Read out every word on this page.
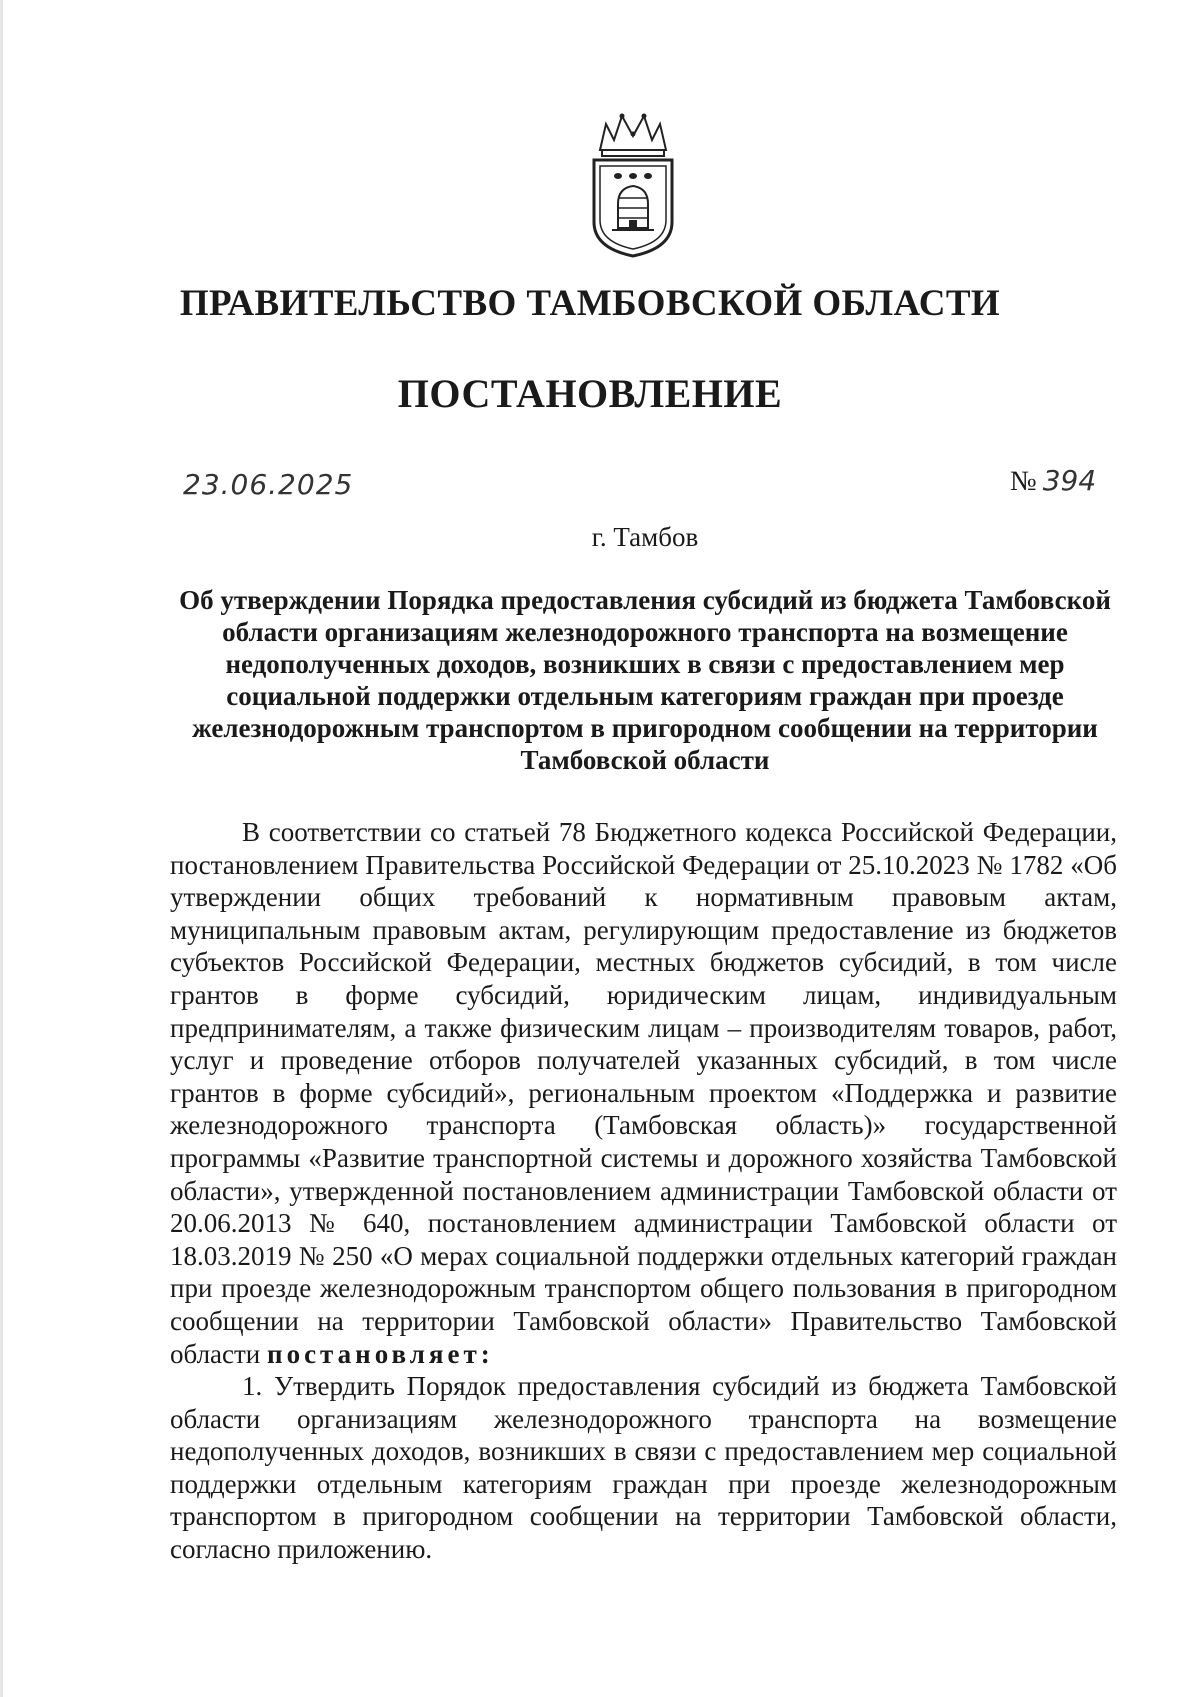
ПРАВИТЕЛЬСТВО ТАМБОВСКОЙ ОБЛАСТИ
ПОСТАНОВЛЕНИЕ
23.06.2025	№ 394
г. Тамбов
Об утверждении Порядка предоставления субсидий из бюджета Тамбовской области организациям железнодорожного транспорта на возмещение недополученных доходов, возникших в связи с предоставлением мер социальной поддержки отдельным категориям граждан при проезде железнодорожным транспортом в пригородном сообщении на территории Тамбовской области

В соответствии со статьей 78 Бюджетного кодекса Российской Федерации, постановлением Правительства Российской Федерации от 25.10.2023 № 1782 «Об утверждении общих требований к нормативным правовым актам, муниципальным правовым актам, регулирующим предоставление из бюджетов субъектов Российской Федерации, местных бюджетов субсидий, в том числе грантов в форме субсидий, юридическим лицам, индивидуальным предпринимателям, а также физическим лицам – производителям товаров, работ, услуг и проведение отборов получателей указанных субсидий, в том числе грантов в форме субсидий», региональным проектом «Поддержка и развитие железнодорожного транспорта (Тамбовская область)» государственной программы «Развитие транспортной системы и дорожного хозяйства Тамбовской области», утвержденной постановлением администрации Тамбовской области от 20.06.2013 № 640, постановлением администрации Тамбовской области от 18.03.2019 № 250 «О мерах социальной поддержки отдельных категорий граждан при проезде железнодорожным транспортом общего пользования в пригородном сообщении на территории Тамбовской области» Правительство Тамбовской области постановляет:

1. Утвердить Порядок предоставления субсидий из бюджета Тамбовской области организациям железнодорожного транспорта на возмещение недополученных доходов, возникших в связи с предоставлением мер социальной поддержки отдельным категориям граждан при проезде железнодорожным транспортом в пригородном сообщении на территории Тамбовской области, согласно приложению.
